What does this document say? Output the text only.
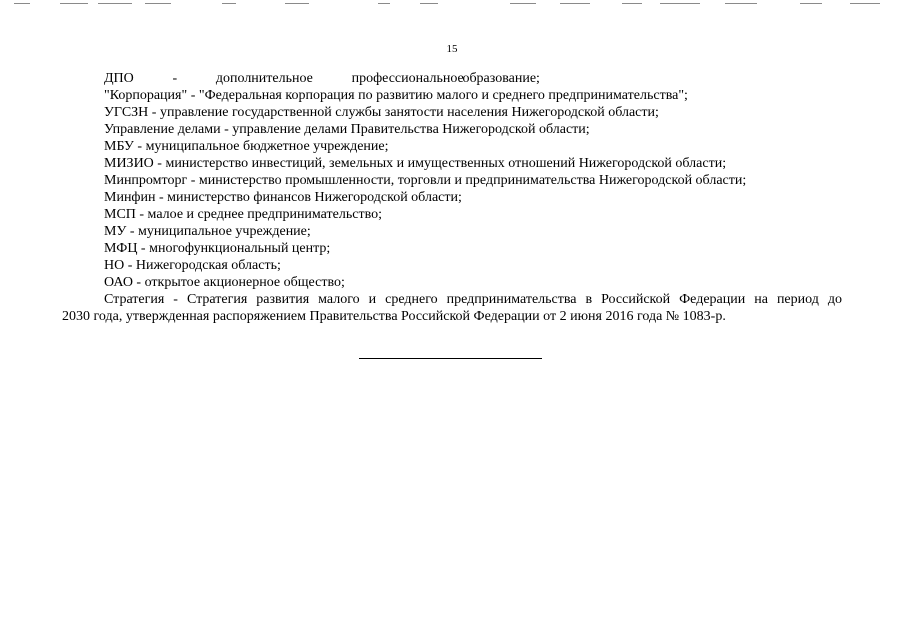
15
ДПО	-	дополнительное	профессиональное
образование;
"Корпорация" - "Федеральная корпорация по развитию малого и среднего предпринимательства";
УГСЗН - управление государственной службы занятости населения Нижегородской области;
Управление делами - управление делами Правительства Нижегородской области;
МБУ - муниципальное бюджетное учреждение;
МИЗИО - министерство инвестиций, земельных и имущественных отношений Нижегородской области;
Минпромторг - министерство промышленности, торговли и предпринимательства Нижегородской области;
Минфин - министерство финансов Нижегородской области;
МСП - малое и среднее предпринимательство;
МУ - муниципальное учреждение;
МФЦ - многофункциональный центр;
НО - Нижегородская область;
ОАО - открытое акционерное общество;
Стратегия - Стратегия развития малого и среднего предпринимательства в Российской Федерации на период до
2030 года, утвержденная распоряжением Правительства Российской Федерации от 2 июня 2016 года № 1083-р.
